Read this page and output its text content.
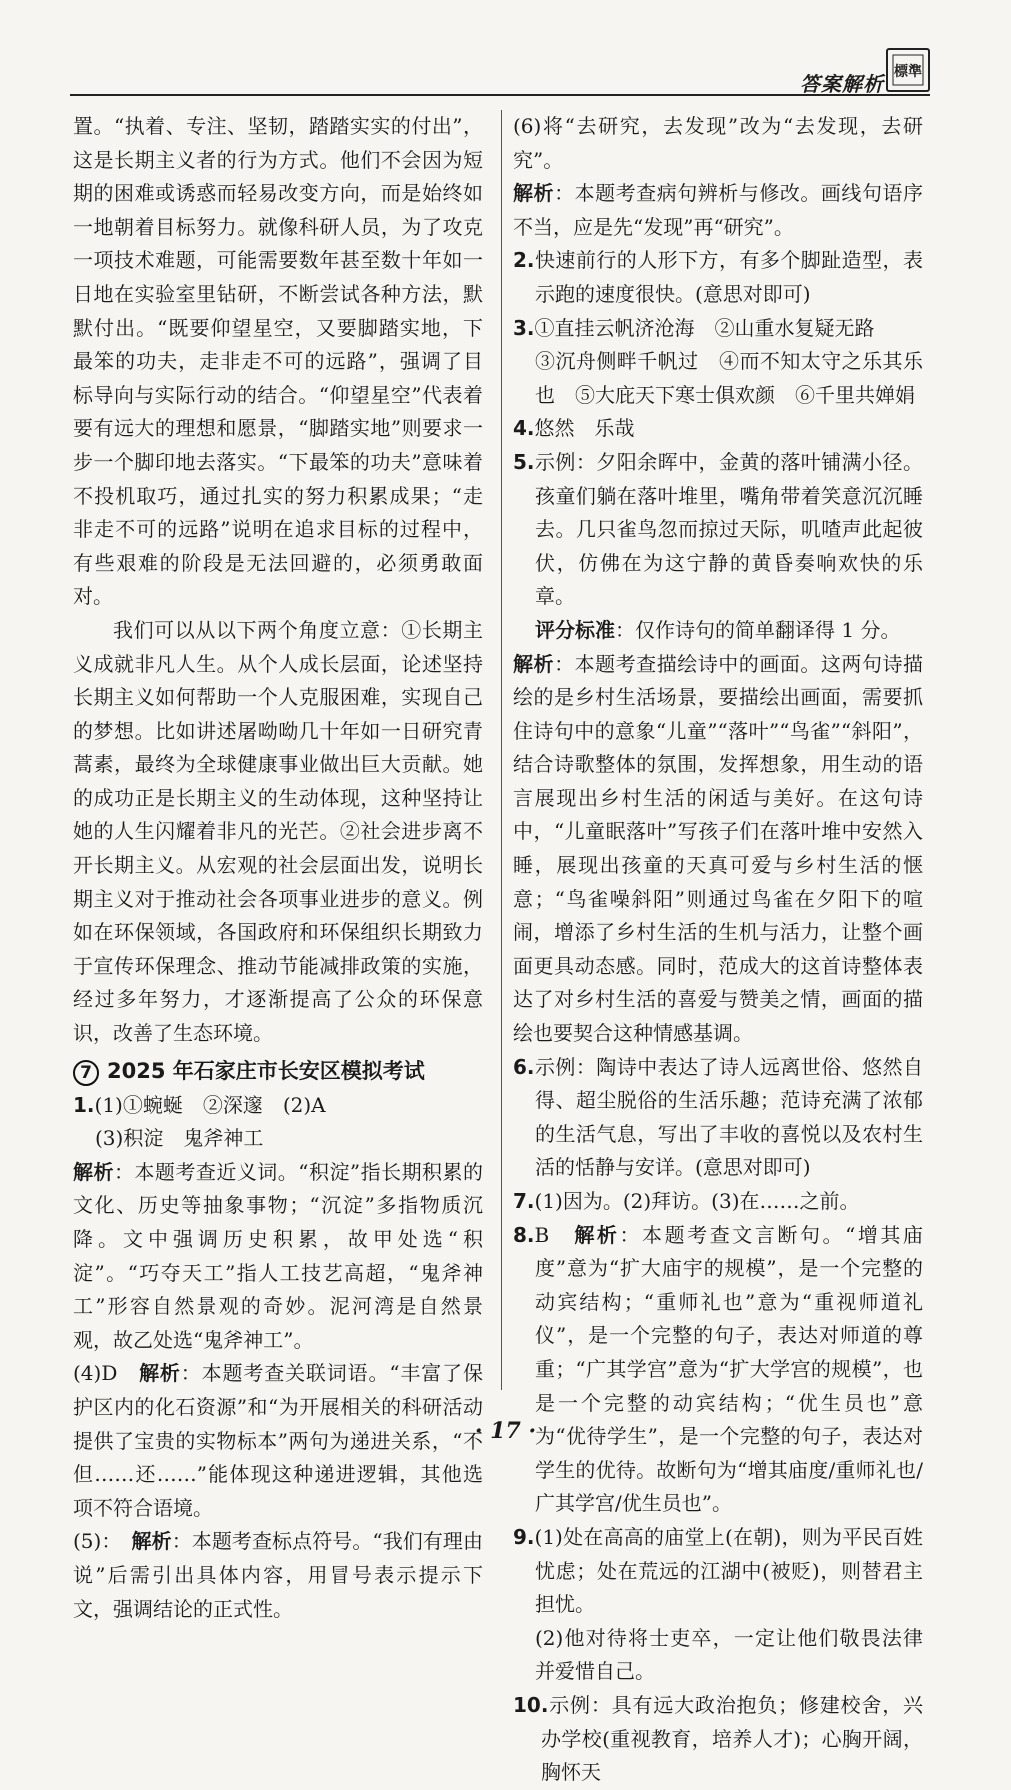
答案解析 標準

置。“执着、专注、坚韧，踏踏实实的付出”，这是长期主义者的行为方式。他们不会因为短期的困难或诱惑而轻易改变方向，而是始终如一地朝着目标努力。就像科研人员，为了攻克一项技术难题，可能需要数年甚至数十年如一日地在实验室里钻研，不断尝试各种方法，默默付出。“既要仰望星空，又要脚踏实地，下最笨的功夫，走非走不可的远路”，强调了目标导向与实际行动的结合。“仰望星空”代表着要有远大的理想和愿景，“脚踏实地”则要求一步一个脚印地去落实。“下最笨的功夫”意味着不投机取巧，通过扎实的努力积累成果；“走非走不可的远路”说明在追求目标的过程中，有些艰难的阶段是无法回避的，必须勇敢面对。

我们可以从以下两个角度立意：①长期主义成就非凡人生。从个人成长层面，论述坚持长期主义如何帮助一个人克服困难，实现自己的梦想。比如讲述屠呦呦几十年如一日研究青蒿素，最终为全球健康事业做出巨大贡献。她的成功正是长期主义的生动体现，这种坚持让她的人生闪耀着非凡的光芒。②社会进步离不开长期主义。从宏观的社会层面出发，说明长期主义对于推动社会各项事业进步的意义。例如在环保领域，各国政府和环保组织长期致力于宣传环保理念、推动节能减排政策的实施，经过多年努力，才逐渐提高了公众的环保意识，改善了生态环境。

7 2025 年石家庄市长安区模拟考试

1.(1)①蜿蜒　②深邃　(2)A

(3)积淀　鬼斧神工

解析：本题考查近义词。“积淀”指长期积累的文化、历史等抽象事物；“沉淀”多指物质沉降。文中强调历史积累，故甲处选“积淀”。“巧夺天工”指人工技艺高超，“鬼斧神工”形容自然景观的奇妙。泥河湾是自然景观，故乙处选“鬼斧神工”。

(4)D　解析：本题考查关联词语。“丰富了保护区内的化石资源”和“为开展相关的科研活动提供了宝贵的实物标本”两句为递进关系，“不但……还……”能体现这种递进逻辑，其他选项不符合语境。

(5)：　解析：本题考查标点符号。“我们有理由说”后需引出具体内容，用冒号表示提示下文，强调结论的正式性。

(6)将“去研究，去发现”改为“去发现，去研究”。

解析：本题考查病句辨析与修改。画线句语序不当，应是先“发现”再“研究”。

2.快速前行的人形下方，有多个脚趾造型，表示跑的速度很快。(意思对即可)

3.①直挂云帆济沧海　②山重水复疑无路

③沉舟侧畔千帆过　④而不知太守之乐其乐也　⑤大庇天下寒士俱欢颜　⑥千里共婵娟

4.悠然　乐哉

5.示例：夕阳余晖中，金黄的落叶铺满小径。孩童们躺在落叶堆里，嘴角带着笑意沉沉睡去。几只雀鸟忽而掠过天际，叽喳声此起彼伏，仿佛在为这宁静的黄昏奏响欢快的乐章。

评分标准：仅作诗句的简单翻译得 1 分。

解析：本题考查描绘诗中的画面。这两句诗描绘的是乡村生活场景，要描绘出画面，需要抓住诗句中的意象“儿童”“落叶”“鸟雀”“斜阳”，结合诗歌整体的氛围，发挥想象，用生动的语言展现出乡村生活的闲适与美好。在这句诗中，“儿童眠落叶”写孩子们在落叶堆中安然入睡，展现出孩童的天真可爱与乡村生活的惬意；“鸟雀噪斜阳”则通过鸟雀在夕阳下的喧闹，增添了乡村生活的生机与活力，让整个画面更具动态感。同时，范成大的这首诗整体表达了对乡村生活的喜爱与赞美之情，画面的描绘也要契合这种情感基调。

6.示例：陶诗中表达了诗人远离世俗、悠然自得、超尘脱俗的生活乐趣；范诗充满了浓郁的生活气息，写出了丰收的喜悦以及农村生活的恬静与安详。(意思对即可)

7.(1)因为。(2)拜访。(3)在……之前。

8.B　解析：本题考查文言断句。“增其庙度”意为“扩大庙宇的规模”，是一个完整的动宾结构；“重师礼也”意为“重视师道礼仪”，是一个完整的句子，表达对师道的尊重；“广其学宫”意为“扩大学宫的规模”，也是一个完整的动宾结构；“优生员也”意为“优待学生”，是一个完整的句子，表达对学生的优待。故断句为“增其庙度/重师礼也/广其学宫/优生员也”。

9.(1)处在高高的庙堂上(在朝)，则为平民百姓忧虑；处在荒远的江湖中(被贬)，则替君主担忧。

(2)他对待将士吏卒，一定让他们敬畏法律并爱惜自己。

10.示例：具有远大政治抱负；修建校舍，兴办学校(重视教育，培养人才)；心胸开阔，胸怀天

· 17 ·
